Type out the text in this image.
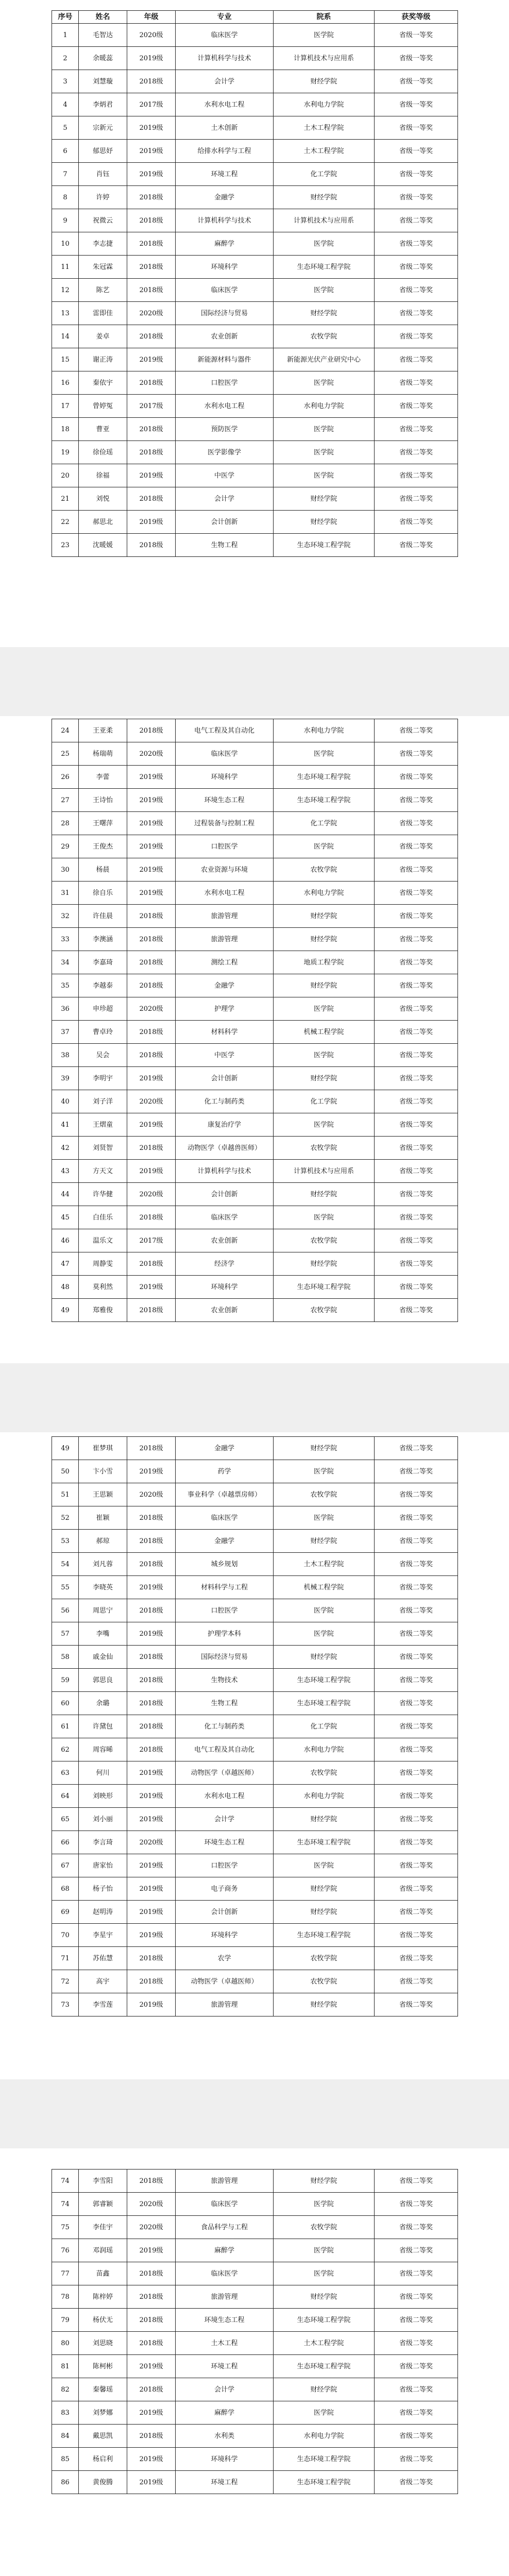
序号	姓名	年级	专业	院系	获奖等级
1	毛智达	2020级	临床医学	医学院	省级一等奖
2	余暖蕊	2019级	计算机科学与技术	计算机技术与应用系	省级一等奖
3	刘慧璇	2018级	会计学	财经学院	省级一等奖
4	李炳君	2017级	水利水电工程	水利电力学院	省级一等奖
5	宗新元	2019级	土木创新	土木工程学院	省级一等奖
6	郁思妤	2019级	给排水科学与工程	土木工程学院	省级一等奖
7	肖钰	2019级	环境工程	化工学院	省级一等奖
8	许婷	2018级	金融学	财经学院	省级一等奖
9	祝微云	2018级	计算机科学与技术	计算机技术与应用系	省级二等奖
10	李志捷	2018级	麻醉学	医学院	省级二等奖
11	朱冠霖	2018级	环境科学	生态环境工程学院	省级二等奖
12	陈艺	2018级	临床医学	医学院	省级二等奖
13	雷即佳	2020级	国际经济与贸易	财经学院	省级二等奖
14	姜卓	2018级	农业创新	农牧学院	省级二等奖
15	谢正涛	2019级	新能源材料与器件	新能源光伏产业研究中心	省级二等奖
16	秦依宇	2018级	口腔医学	医学院	省级二等奖
17	曾婷冤	2017级	水利水电工程	水利电力学院	省级二等奖
18	曹亚	2018级	预防医学	医学院	省级二等奖
19	徐俭瑶	2018级	医学影像学	医学院	省级二等奖
20	徐福	2019级	中医学	医学院	省级二等奖
21	刘悦	2018级	会计学	财经学院	省级二等奖
22	郝思北	2019级	会计创新	财经学院	省级二等奖
23	沈暖媛	2018级	生物工程	生态环境工程学院	省级二等奖
24	王亚柔	2018级	电气工程及其自动化	水利电力学院	省级二等奖
25	杨瑞萌	2020级	临床医学	医学院	省级二等奖
26	李蕾	2019级	环境科学	生态环境工程学院	省级二等奖
27	王诗怡	2019级	环境生态工程	生态环境工程学院	省级二等奖
28	王曙萍	2019级	过程装备与控制工程	化工学院	省级二等奖
29	王俊杰	2019级	口腔医学	医学院	省级二等奖
30	杨晨	2019级	农业资源与环境	农牧学院	省级二等奖
31	徐自乐	2019级	水利水电工程	水利电力学院	省级二等奖
32	许佳晨	2018级	旅游管理	财经学院	省级二等奖
33	李澳涵	2018级	旅游管理	财经学院	省级二等奖
34	李嘉琦	2018级	测绘工程	地质工程学院	省级二等奖
35	李越泰	2018级	金融学	财经学院	省级二等奖
36	申珍超	2020级	护理学	医学院	省级二等奖
37	曹卓玲	2018级	材料科学	机械工程学院	省级二等奖
38	吴会	2018级	中医学	医学院	省级二等奖
39	李明宇	2019级	会计创新	财经学院	省级二等奖
40	刘子洋	2020级	化工与制药类	化工学院	省级二等奖
41	王熠童	2019级	康复治疗学	医学院	省级二等奖
42	刘贤智	2018级	动物医学（卓越兽医师）	农牧学院	省级二等奖
43	方天文	2019级	计算机科学与技术	计算机技术与应用系	省级二等奖
44	许华健	2020级	会计创新	财经学院	省级二等奖
45	白佳乐	2018级	临床医学	医学院	省级二等奖
46	温乐文	2017级	农业创新	农牧学院	省级二等奖
47	周静雯	2018级	经济学	财经学院	省级二等奖
48	莫利然	2019级	环境科学	生态环境工程学院	省级二等奖
49	郑雅俊	2018级	农业创新	农牧学院	省级二等奖
49	崔梦琪	2018级	金融学	财经学院	省级二等奖
50	卞小雪	2019级	药学	医学院	省级二等奖
51	王思颖	2020级	事业科学（卓越票房师）	农牧学院	省级二等奖
52	崔颖	2018级	临床医学	医学院	省级二等奖
53	郝琼	2018级	金融学	财经学院	省级二等奖
54	刘凡蓉	2018级	城乡规划	土木工程学院	省级二等奖
55	李晓英	2019级	材料科学与工程	机械工程学院	省级二等奖
56	周思宁	2018级	口腔医学	医学院	省级二等奖
57	李嘴	2019级	护理学本科	医学院	省级二等奖
58	戚金仙	2018级	国际经济与贸易	财经学院	省级二等奖
59	郭思良	2018级	生物技术	生态环境工程学院	省级二等奖
60	余璐	2018级	生物工程	生态环境工程学院	省级二等奖
61	许黛包	2018级	化工与制药类	化工学院	省级二等奖
62	周容晞	2018级	电气工程及其自动化	水利电力学院	省级二等奖
63	何川	2019级	动物医学（卓越医师）	农牧学院	省级二等奖
64	刘映形	2019级	水利水电工程	水利电力学院	省级二等奖
65	刘小丽	2019级	会计学	财经学院	省级二等奖
66	李言琦	2020级	环境生态工程	生态环境工程学院	省级二等奖
67	唐家怡	2019级	口腔医学	医学院	省级二等奖
68	杨子怡	2019级	电子商务	财经学院	省级二等奖
69	赵明涛	2019级	会计创新	财经学院	省级二等奖
70	李星宇	2019级	环境科学	生态环境工程学院	省级二等奖
71	苏佑慧	2018级	农学	农牧学院	省级二等奖
72	高宇	2018级	动物医学（卓越医师）	农牧学院	省级二等奖
73	李雪莲	2019级	旅游管理	财经学院	省级二等奖
74	李雪阳	2018级	旅游管理	财经学院	省级二等奖
74	郭睿颖	2020级	临床医学	医学院	省级二等奖
75	李佳宇	2020级	食品科学与工程	农牧学院	省级二等奖
76	邓润瑶	2019级	麻醉学	医学院	省级二等奖
77	苗鑫	2018级	临床医学	医学院	省级二等奖
78	陈梓婷	2018级	旅游管理	财经学院	省级二等奖
79	杨伏无	2018级	环境生态工程	生态环境工程学院	省级二等奖
80	刘思晓	2018级	土木工程	土木工程学院	省级二等奖
81	陈柯彬	2019级	环境工程	生态环境工程学院	省级二等奖
82	秦馨瑶	2018级	会计学	财经学院	省级二等奖
83	刘梦娜	2019级	麻醉学	医学院	省级二等奖
84	戴思凯	2018级	水利类	水利电力学院	省级二等奖
85	杨启利	2019级	环境科学	生态环境工程学院	省级二等奖
86	黄俊腾	2019级	环境工程	生态环境工程学院	省级二等奖
